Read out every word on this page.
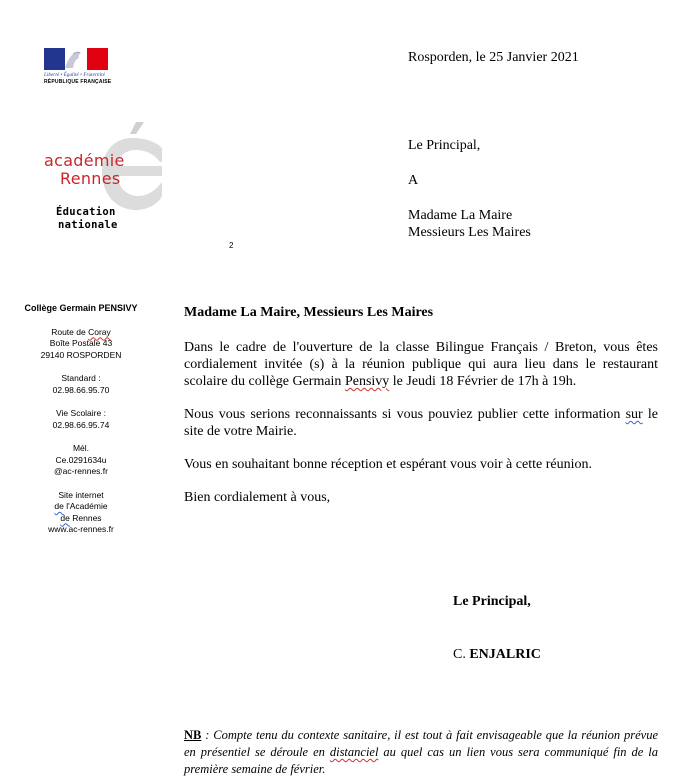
Liberté • Égalité • Fraternité
RÉPUBLIQUE FRANÇAISE
académie
Rennes
Éducation
nationale
2
Rosporden, le 25 Janvier 2021
Le Principal,
A
Madame La Maire
Messieurs Les Maires
Collège Germain PENSIVY
Route de Coray
Boîte Postale 43
29140 ROSPORDEN
Standard :
02.98.66.95.70
Vie Scolaire :
02.98.66.95.74
Mél.
Ce.0291634u
@ac-rennes.fr
Site internet
de l'Académie
de Rennes
www.ac-rennes.fr
Madame La Maire, Messieurs Les Maires

Dans le cadre de l'ouverture de la classe Bilingue Français / Breton, vous êtes cordialement invitée (s) à la réunion publique qui aura lieu dans le restaurant scolaire du collège Germain Pensivy le Jeudi 18 Février de 17h à 19h.

Nous vous serions reconnaissants si vous pouviez publier cette information sur le site de votre Mairie.

Vous en souhaitant bonne réception et espérant vous voir à cette réunion.

Bien cordialement à vous,

Le Principal,
C. ENJALRIC
NB : Compte tenu du contexte sanitaire, il est tout à fait envisageable que la réunion prévue en présentiel se déroule en distanciel au quel cas un lien vous sera communiqué fin de la première semaine de février.
